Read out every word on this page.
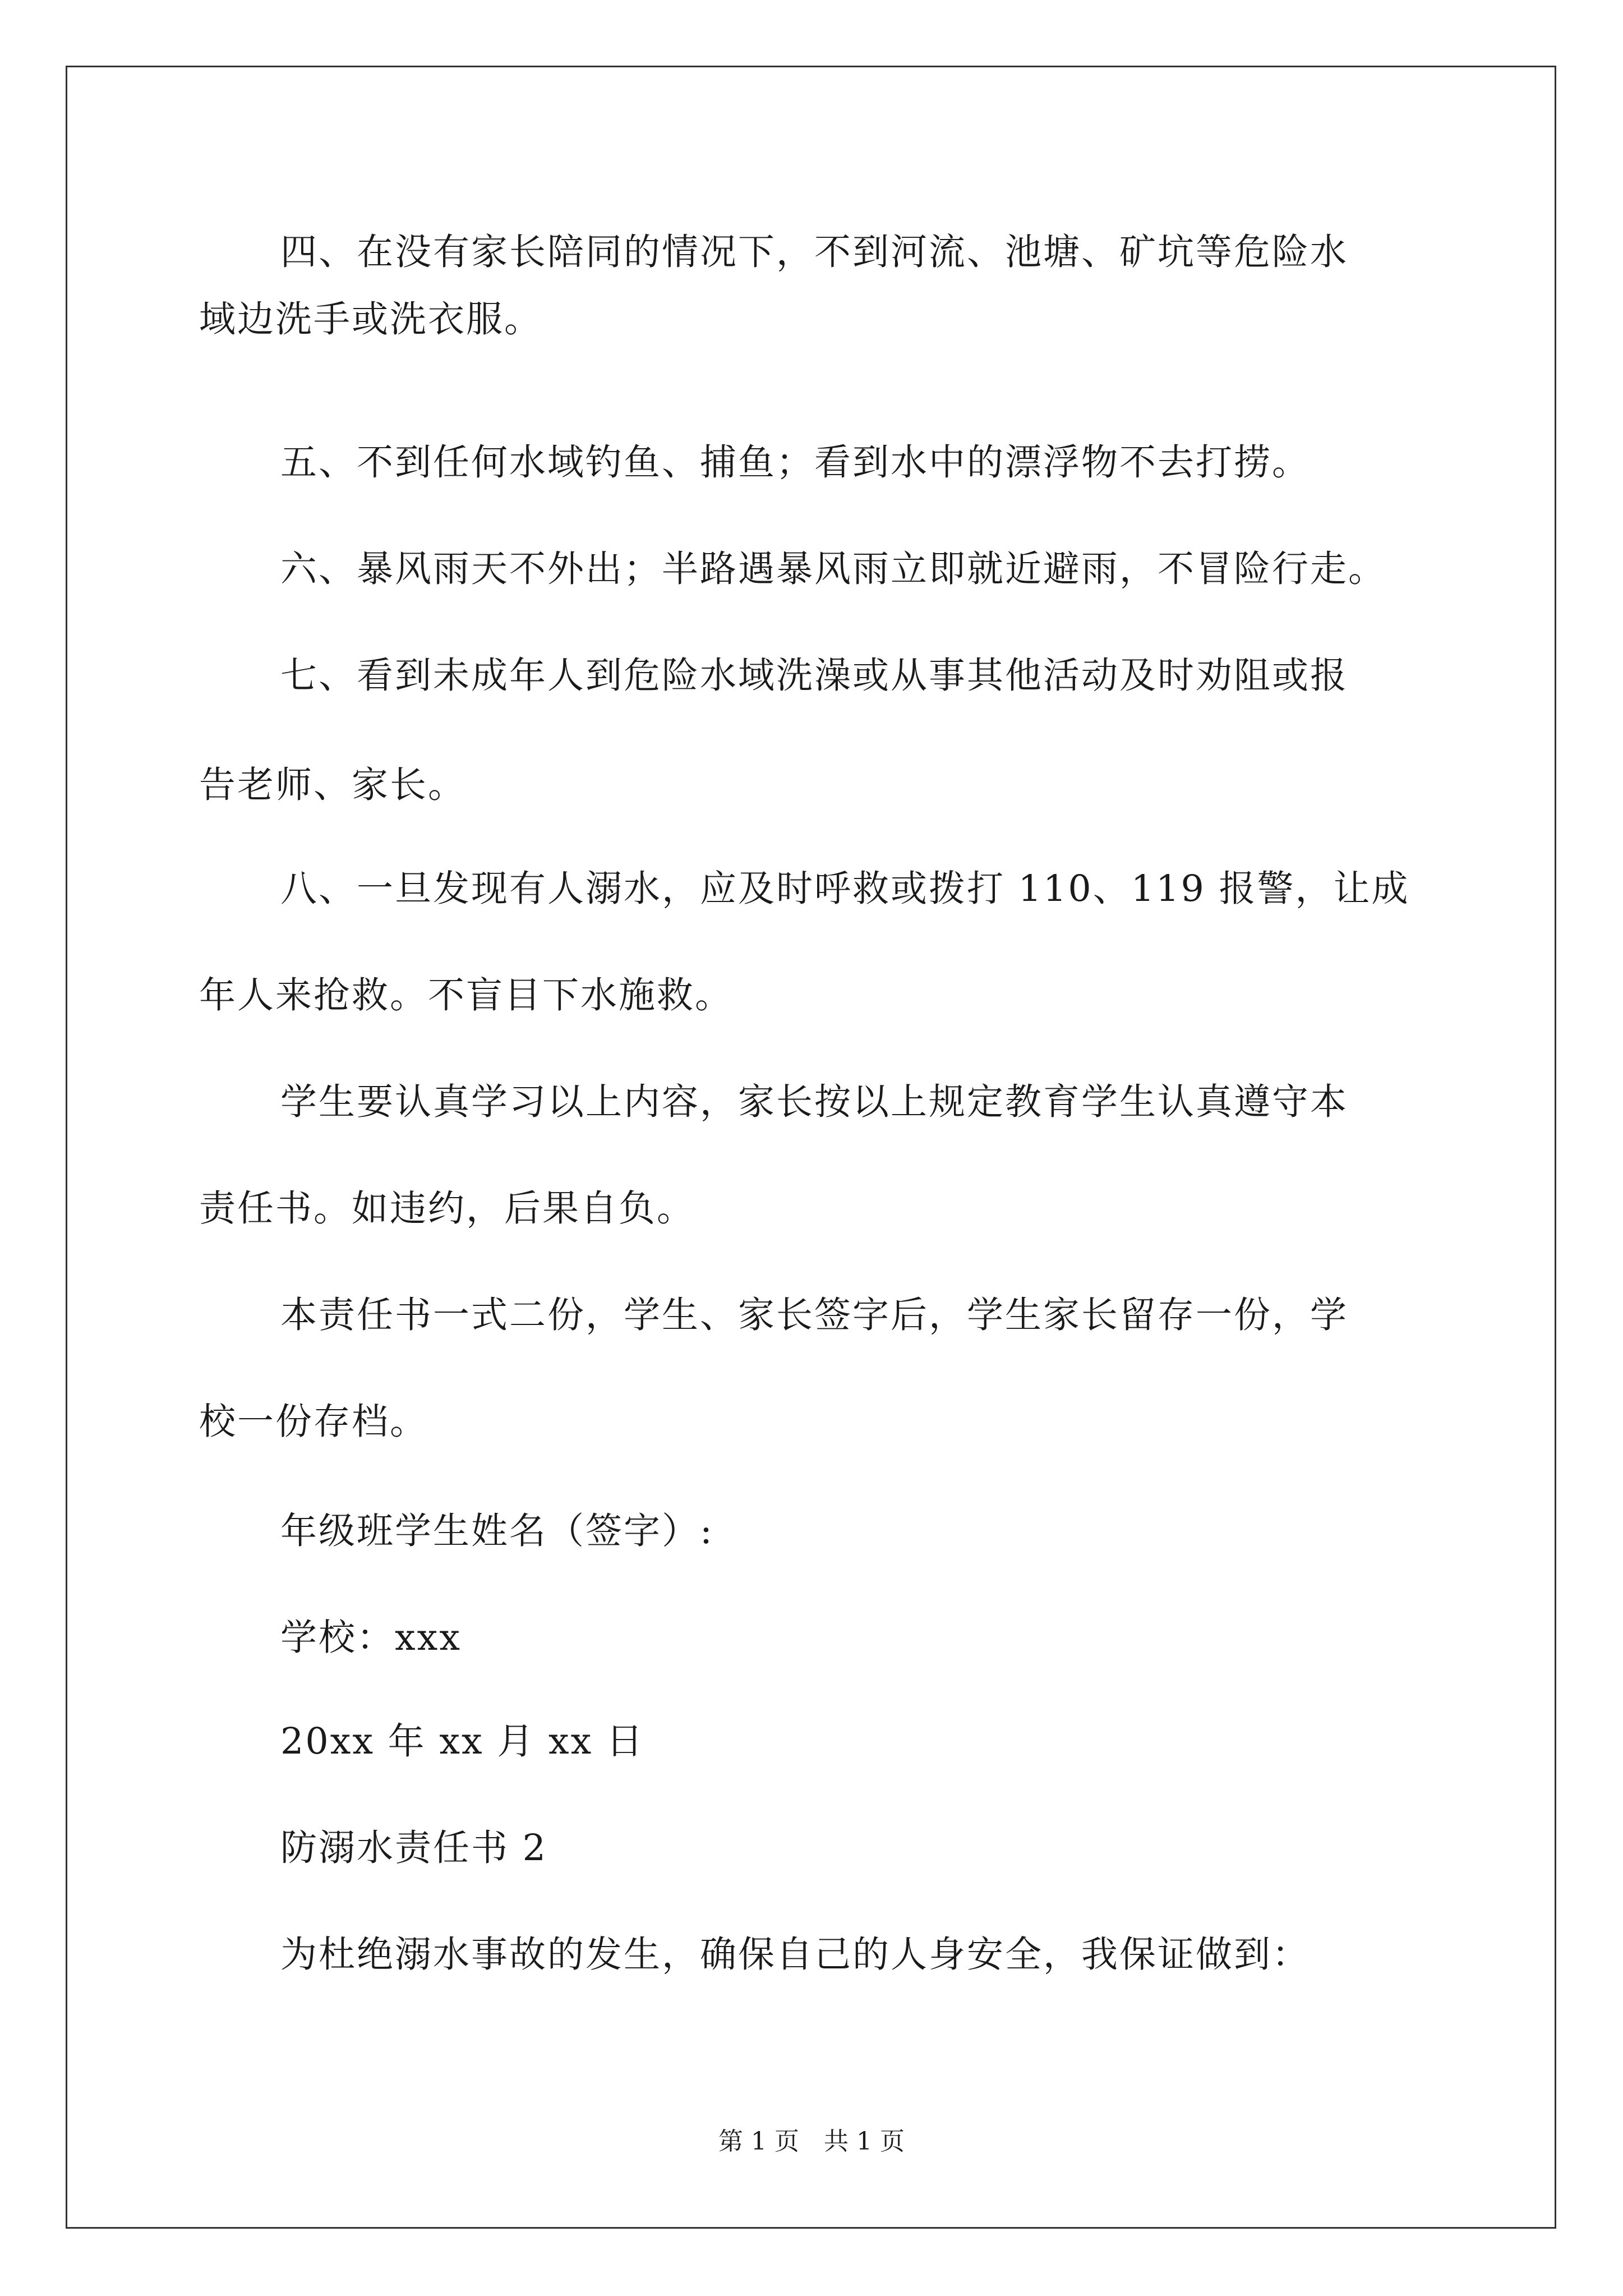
四、在没有家长陪同的情况下，不到河流、池塘、矿坑等危险水
域边洗手或洗衣服。
五、不到任何水域钓鱼、捕鱼；看到水中的漂浮物不去打捞。
六、暴风雨天不外出；半路遇暴风雨立即就近避雨，不冒险行走。
七、看到未成年人到危险水域洗澡或从事其他活动及时劝阻或报
告老师、家长。
八、一旦发现有人溺水，应及时呼救或拨打 110、119 报警，让成
年人来抢救。不盲目下水施救。
学生要认真学习以上内容，家长按以上规定教育学生认真遵守本
责任书。如违约，后果自负。
本责任书一式二份，学生、家长签字后，学生家长留存一份，学
校一份存档。
年级班学生姓名（签字）:
学校：xxx
20xx 年 xx 月 xx 日
防溺水责任书 2
为杜绝溺水事故的发生，确保自己的人身安全，我保证做到：
第 1 页　共 1 页
